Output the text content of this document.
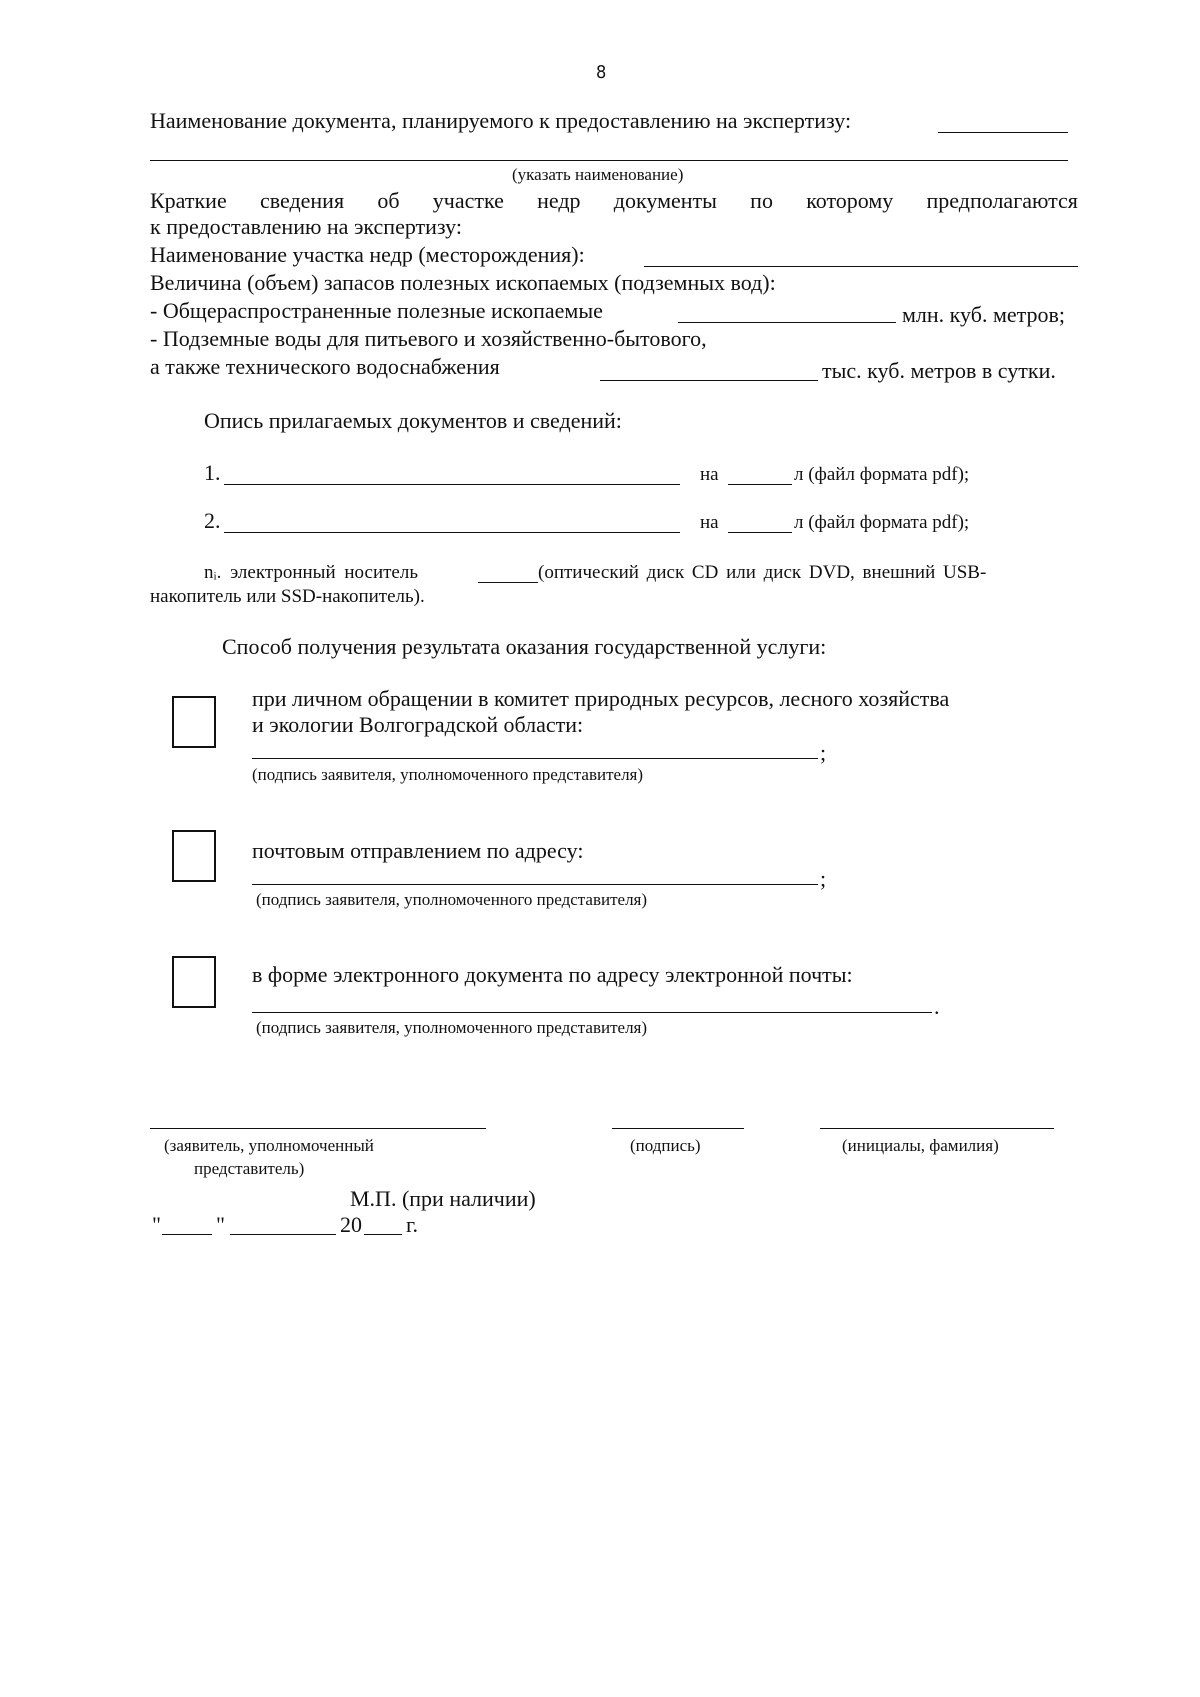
8
Наименование документа, планируемого к предоставлению на экспертизу:
(указать наименование)
Краткие сведения об участке недр документы по которому предполагаются
к предоставлению на экспертизу:
Наименование участка недр (месторождения):
Величина (объем) запасов полезных ископаемых (подземных вод):
- Общераспространенные полезные ископаемые	млн. куб. метров;
- Подземные воды для питьевого и хозяйственно-бытового,
а также технического водоснабжения	тыс. куб. метров в сутки.
Опись прилагаемых документов и сведений:
1.	на	л (файл формата pdf);
2.	на	л (файл формата pdf);
nᵢ. электронный носитель	(оптический диск CD или диск DVD, внешний USB-
накопитель или SSD-накопитель).
Способ получения результата оказания государственной услуги:
при личном обращении в комитет природных ресурсов, лесного хозяйства
и экологии Волгоградской области:
;
(подпись заявителя, уполномоченного представителя)
почтовым отправлением по адресу:
;
(подпись заявителя, уполномоченного представителя)
в форме электронного документа по адресу электронной почты:
.
(подпись заявителя, уполномоченного представителя)
(заявитель, уполномоченный
представитель)
(подпись)	(инициалы, фамилия)
М.П. (при наличии)
"	"	20 г.
